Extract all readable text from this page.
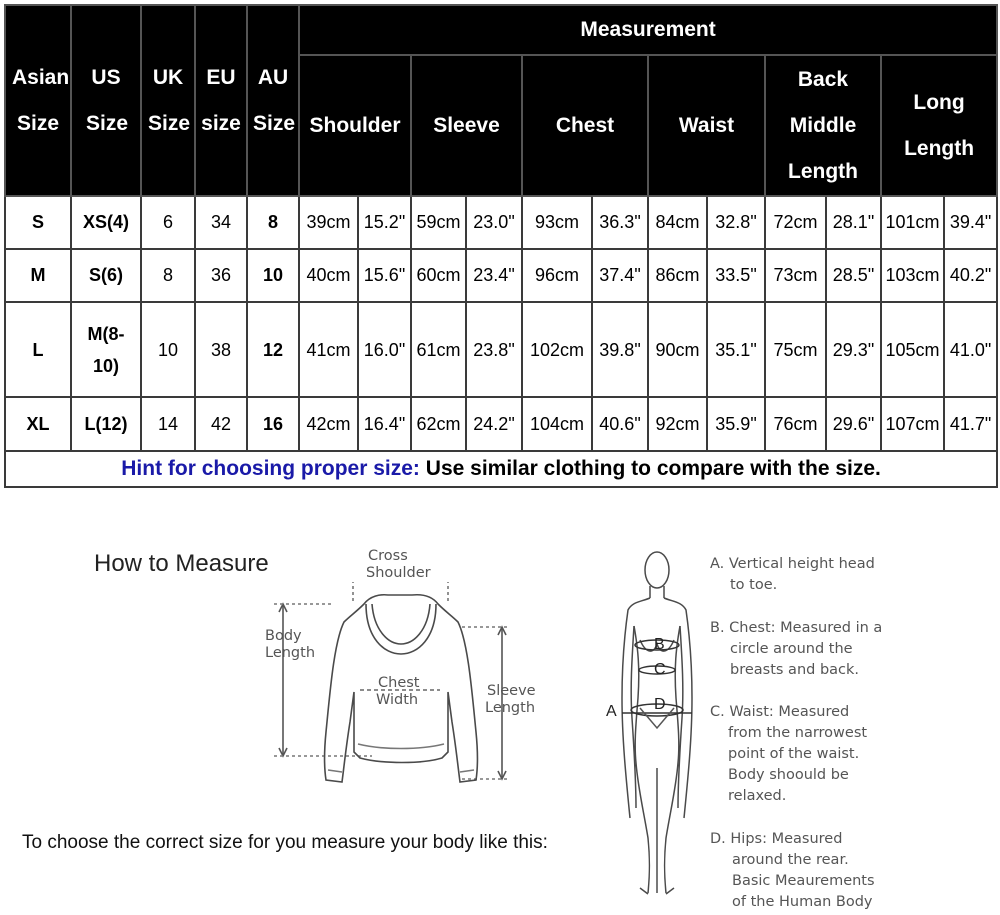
Asian Size	US Size	UK Size	EU size	AU Size	Measurement											
					Shoulder		Sleeve		Chest		Waist		Back Middle Length		Long Length	
S	XS(4)	6	34	8	39cm	15.2"	59cm	23.0"	93cm	36.3"	84cm	32.8"	72cm	28.1"	101cm	39.4"
M	S(6)	8	36	10	40cm	15.6"	60cm	23.4"	96cm	37.4"	86cm	33.5"	73cm	28.5"	103cm	40.2"
L	M(8-10)	10	38	12	41cm	16.0"	61cm	23.8"	102cm	39.8"	90cm	35.1"	75cm	29.3"	105cm	41.0"
XL	L(12)	14	42	16	42cm	16.4"	62cm	24.2"	104cm	40.6"	92cm	35.9"	76cm	29.6"	107cm	41.7"
Hint for choosing proper size: Use similar clothing to compare with the size.																
How to Measure	Cross
Shoulder
Body
Length
Chest
Width
Sleeve
Length
To choose the correct size for you measure your body like this:
A
B
C
D
A. Vertical height head
to toe.
B. Chest: Measured in a
circle around the
breasts and back.
C. Waist: Measured
from the narrowest
point of the waist.
Body shoould be
relaxed.
D. Hips: Measured
around the rear.
Basic Meaurements
of the Human Body
